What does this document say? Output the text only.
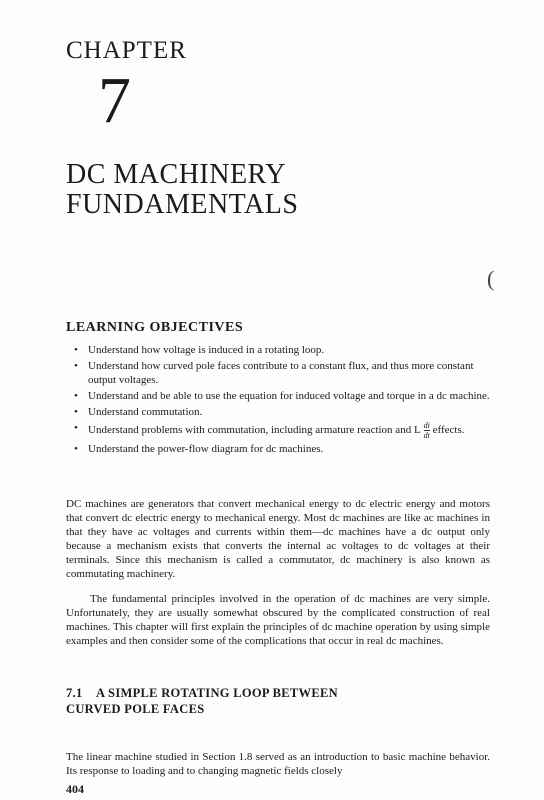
CHAPTER
7
DC MACHINERY
FUNDAMENTALS
(
LEARNING OBJECTIVES
• Understand how voltage is induced in a rotating loop.
• Understand how curved pole faces contribute to a constant flux, and thus more constant output voltages.
• Understand and be able to use the equation for induced voltage and torque in a dc machine.
• Understand commutation.
• Understand problems with commutation, including armature reaction and L $\frac{di}{dt}$ effects.
• Understand the power-flow diagram for dc machines.

DC machines are generators that convert mechanical energy to dc electric energy and motors that convert dc electric energy to mechanical energy. Most dc machines are like ac machines in that they have ac voltages and currents within them—dc machines have a dc output only because a mechanism exists that converts the internal ac voltages to dc voltages at their terminals. Since this mechanism is called a commutator, dc machinery is also known as commutating machinery.

The fundamental principles involved in the operation of dc machines are very simple. Unfortunately, they are usually somewhat obscured by the complicated construction of real machines. This chapter will first explain the principles of dc machine operation by using simple examples and then consider some of the complications that occur in real dc machines.

7.1 A SIMPLE ROTATING LOOP BETWEEN
CURVED POLE FACES

The linear machine studied in Section 1.8 served as an introduction to basic machine behavior. Its response to loading and to changing magnetic fields closely

404
